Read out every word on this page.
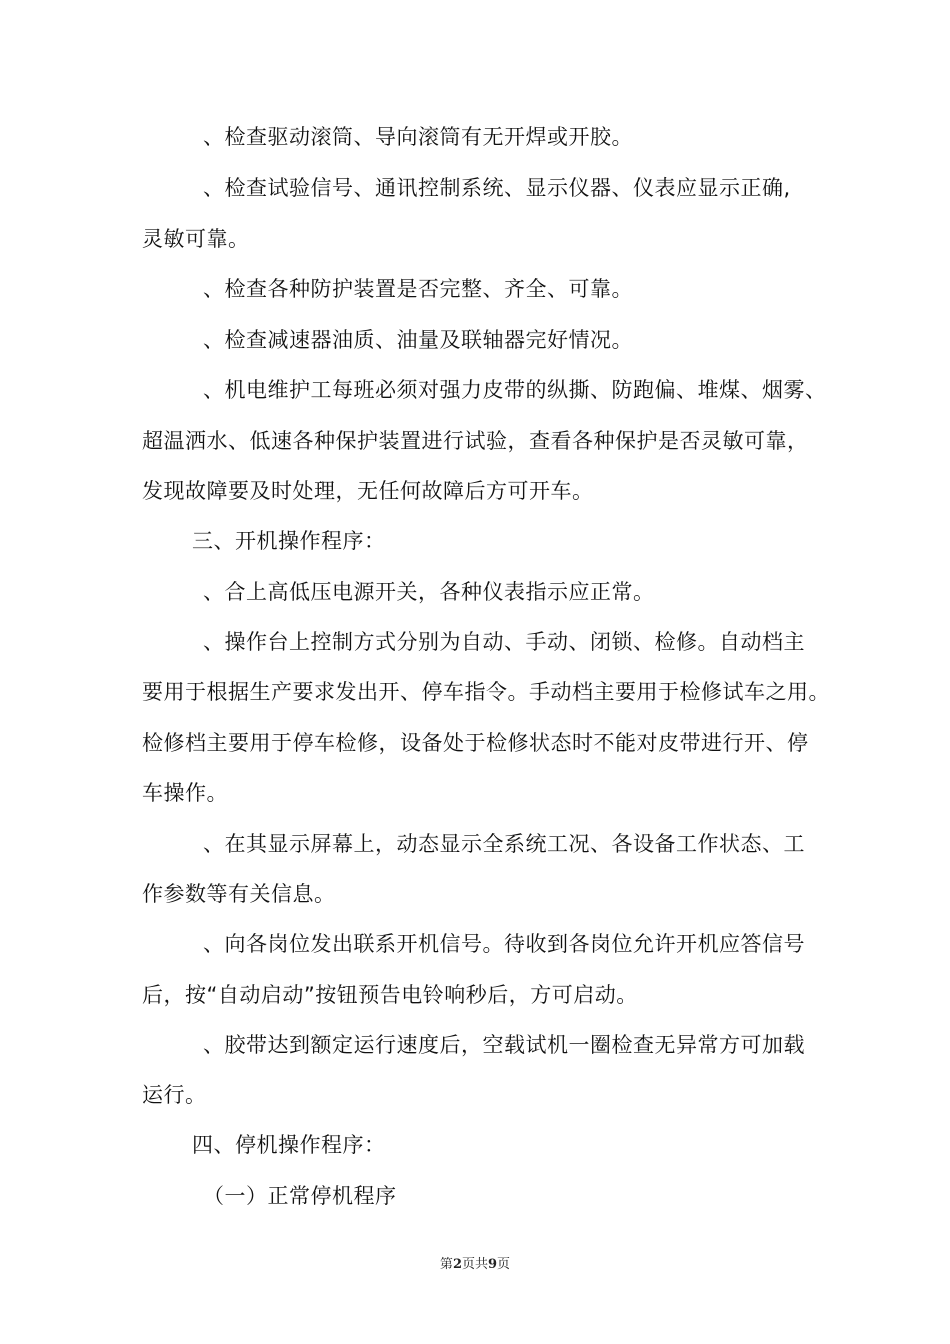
、检查驱动滚筒、导向滚筒有无开焊或开胶。
、检查试验信号、通讯控制系统、显示仪器、仪表应显示正确,
灵敏可靠。
、检查各种防护装置是否完整、齐全、可靠。
、检查减速器油质、油量及联轴器完好情况。
、机电维护工每班必须对强力皮带的纵撕、防跑偏、堆煤、烟雾、
超温洒水、低速各种保护装置进行试验，查看各种保护是否灵敏可靠，
发现故障要及时处理，无任何故障后方可开车。
三、开机操作程序：
、合上高低压电源开关，各种仪表指示应正常。
、操作台上控制方式分别为自动、手动、闭锁、检修。自动档主
要用于根据生产要求发出开、停车指令。手动档主要用于检修试车之用。
检修档主要用于停车检修，设备处于检修状态时不能对皮带进行开、停
车操作。
、在其显示屏幕上，动态显示全系统工况、各设备工作状态、工
作参数等有关信息。
、向各岗位发出联系开机信号。待收到各岗位允许开机应答信号
后，按“自动启动”按钮预告电铃响秒后，方可启动。
、胶带达到额定运行速度后，空载试机一圈检查无异常方可加载
运行。
四、停机操作程序：
（一）正常停机程序
第2页共9页
